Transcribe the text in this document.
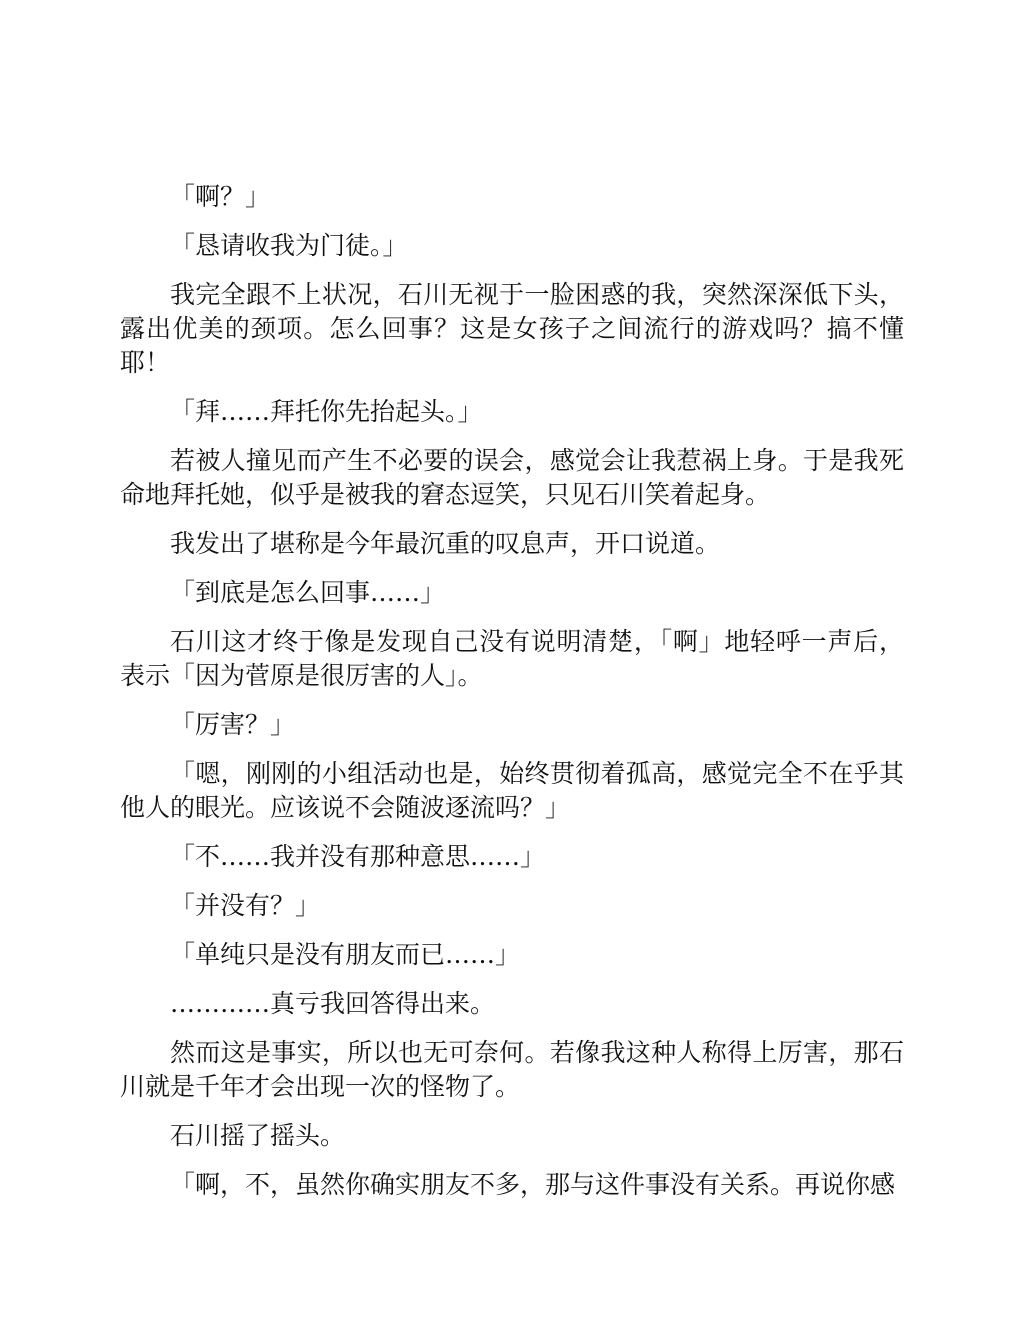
「啊？」

「恳请收我为门徒。」

我完全跟不上状况，石川无视于一脸困惑的我，突然深深低下头，露出优美的颈项。怎么回事？这是女孩子之间流行的游戏吗？搞不懂耶！

「拜……拜托你先抬起头。」

若被人撞见而产生不必要的误会，感觉会让我惹祸上身。于是我死命地拜托她，似乎是被我的窘态逗笑，只见石川笑着起身。

我发出了堪称是今年最沉重的叹息声，开口说道。

「到底是怎么回事……」

石川这才终于像是发现自己没有说明清楚，「啊」地轻呼一声后，表示「因为菅原是很厉害的人」。

「厉害？」

「嗯，刚刚的小组活动也是，始终贯彻着孤高，感觉完全不在乎其他人的眼光。应该说不会随波逐流吗？」

「不……我并没有那种意思……」

「并没有？」

「单纯只是没有朋友而已……」

…………真亏我回答得出来。

然而这是事实，所以也无可奈何。若像我这种人称得上厉害，那石川就是千年才会出现一次的怪物了。

石川摇了摇头。

「啊，不，虽然你确实朋友不多，那与这件事没有关系。再说你感
